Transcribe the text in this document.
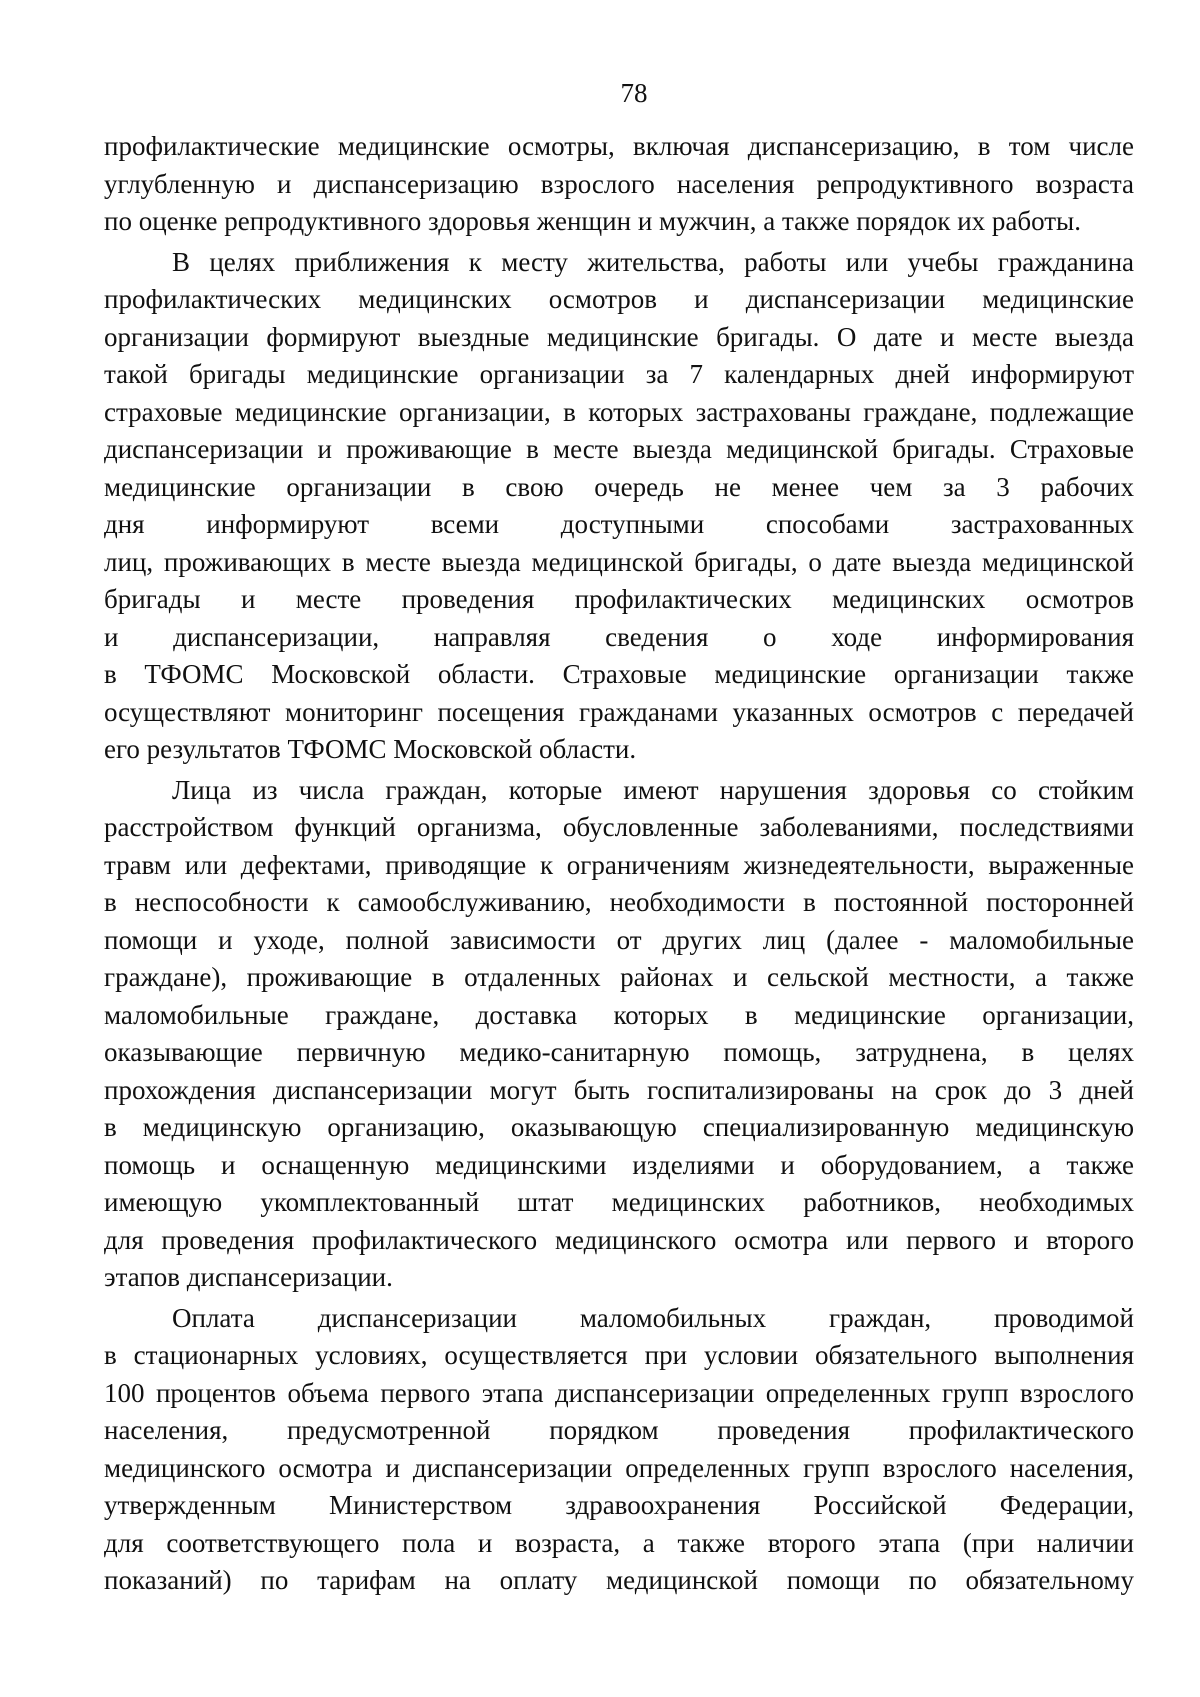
78
профилактические медицинские осмотры, включая диспансеризацию, в том числе
углубленную и диспансеризацию взрослого населения репродуктивного возраста
по оценке репродуктивного здоровья женщин и мужчин, а также порядок их работы.
В целях приближения к месту жительства, работы или учебы гражданина
профилактических медицинских осмотров и диспансеризации медицинские
организации формируют выездные медицинские бригады. О дате и месте выезда
такой бригады медицинские организации за 7 календарных дней информируют
страховые медицинские организации, в которых застрахованы граждане, подлежащие
диспансеризации и проживающие в месте выезда медицинской бригады. Страховые
медицинские организации в свою очередь не менее чем за 3 рабочих
дня информируют всеми доступными способами застрахованных
лиц, проживающих в месте выезда медицинской бригады, о дате выезда медицинской
бригады и месте проведения профилактических медицинских осмотров
и диспансеризации, направляя сведения о ходе информирования
в ТФОМС Московской области. Страховые медицинские организации также
осуществляют мониторинг посещения гражданами указанных осмотров с передачей
его результатов ТФОМС Московской области.
Лица из числа граждан, которые имеют нарушения здоровья со стойким
расстройством функций организма, обусловленные заболеваниями, последствиями
травм или дефектами, приводящие к ограничениям жизнедеятельности, выраженные
в неспособности к самообслуживанию, необходимости в постоянной посторонней
помощи и уходе, полной зависимости от других лиц (далее - маломобильные
граждане), проживающие в отдаленных районах и сельской местности, а также
маломобильные граждане, доставка которых в медицинские организации,
оказывающие первичную медико-санитарную помощь, затруднена, в целях
прохождения диспансеризации могут быть госпитализированы на срок до 3 дней
в медицинскую организацию, оказывающую специализированную медицинскую
помощь и оснащенную медицинскими изделиями и оборудованием, а также
имеющую укомплектованный штат медицинских работников, необходимых
для проведения профилактического медицинского осмотра или первого и второго
этапов диспансеризации.
Оплата диспансеризации маломобильных граждан, проводимой
в стационарных условиях, осуществляется при условии обязательного выполнения
100 процентов объема первого этапа диспансеризации определенных групп взрослого
населения, предусмотренной порядком проведения профилактического
медицинского осмотра и диспансеризации определенных групп взрослого населения,
утвержденным Министерством здравоохранения Российской Федерации,
для соответствующего пола и возраста, а также второго этапа (при наличии
показаний) по тарифам на оплату медицинской помощи по обязательному
